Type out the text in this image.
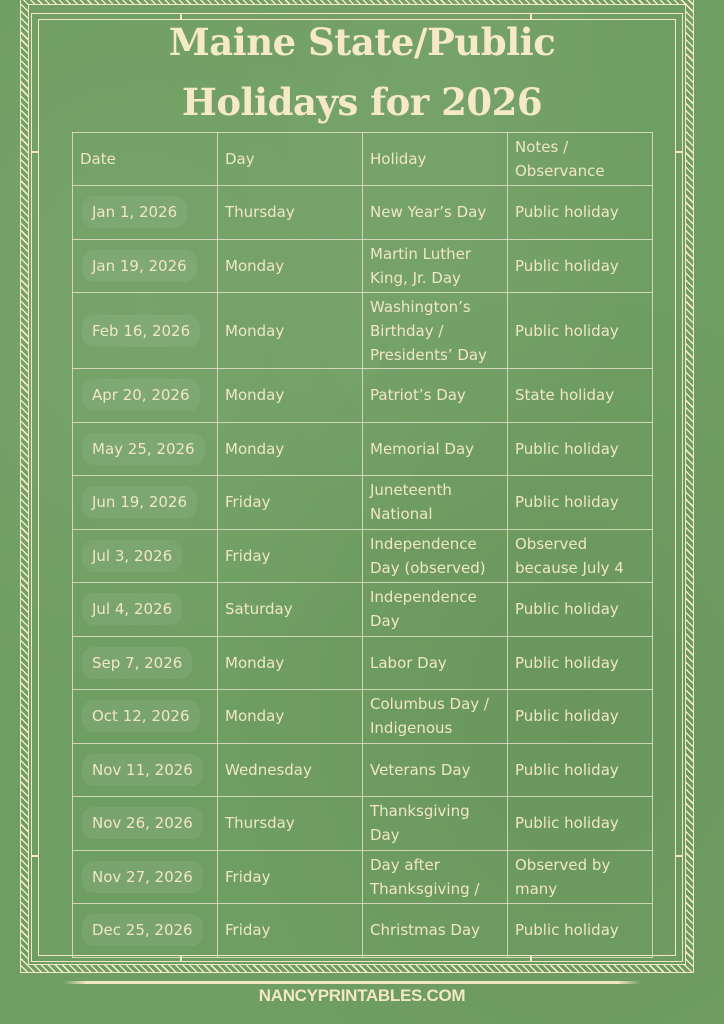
Maine State/Public
Holidays for 2026
Date	Day	Holiday	Notes / Observance
Jan 1, 2026	Thursday	New Year’s Day	Public holiday
Jan 19, 2026	Monday	Martin Luther King, Jr. Day	Public holiday
Feb 16, 2026	Monday	Washington’s Birthday / Presidents’ Day	Public holiday
Apr 20, 2026	Monday	Patriot’s Day	State holiday
May 25, 2026	Monday	Memorial Day	Public holiday
Jun 19, 2026	Friday	Juneteenth National	Public holiday
Jul 3, 2026	Friday	Independence Day (observed)	Observed because July 4
Jul 4, 2026	Saturday	Independence Day	Public holiday
Sep 7, 2026	Monday	Labor Day	Public holiday
Oct 12, 2026	Monday	Columbus Day / Indigenous	Public holiday
Nov 11, 2026	Wednesday	Veterans Day	Public holiday
Nov 26, 2026	Thursday	Thanksgiving Day	Public holiday
Nov 27, 2026	Friday	Day after Thanksgiving /	Observed by many
Dec 25, 2026	Friday	Christmas Day	Public holiday
NANCYPRINTABLES.COM
